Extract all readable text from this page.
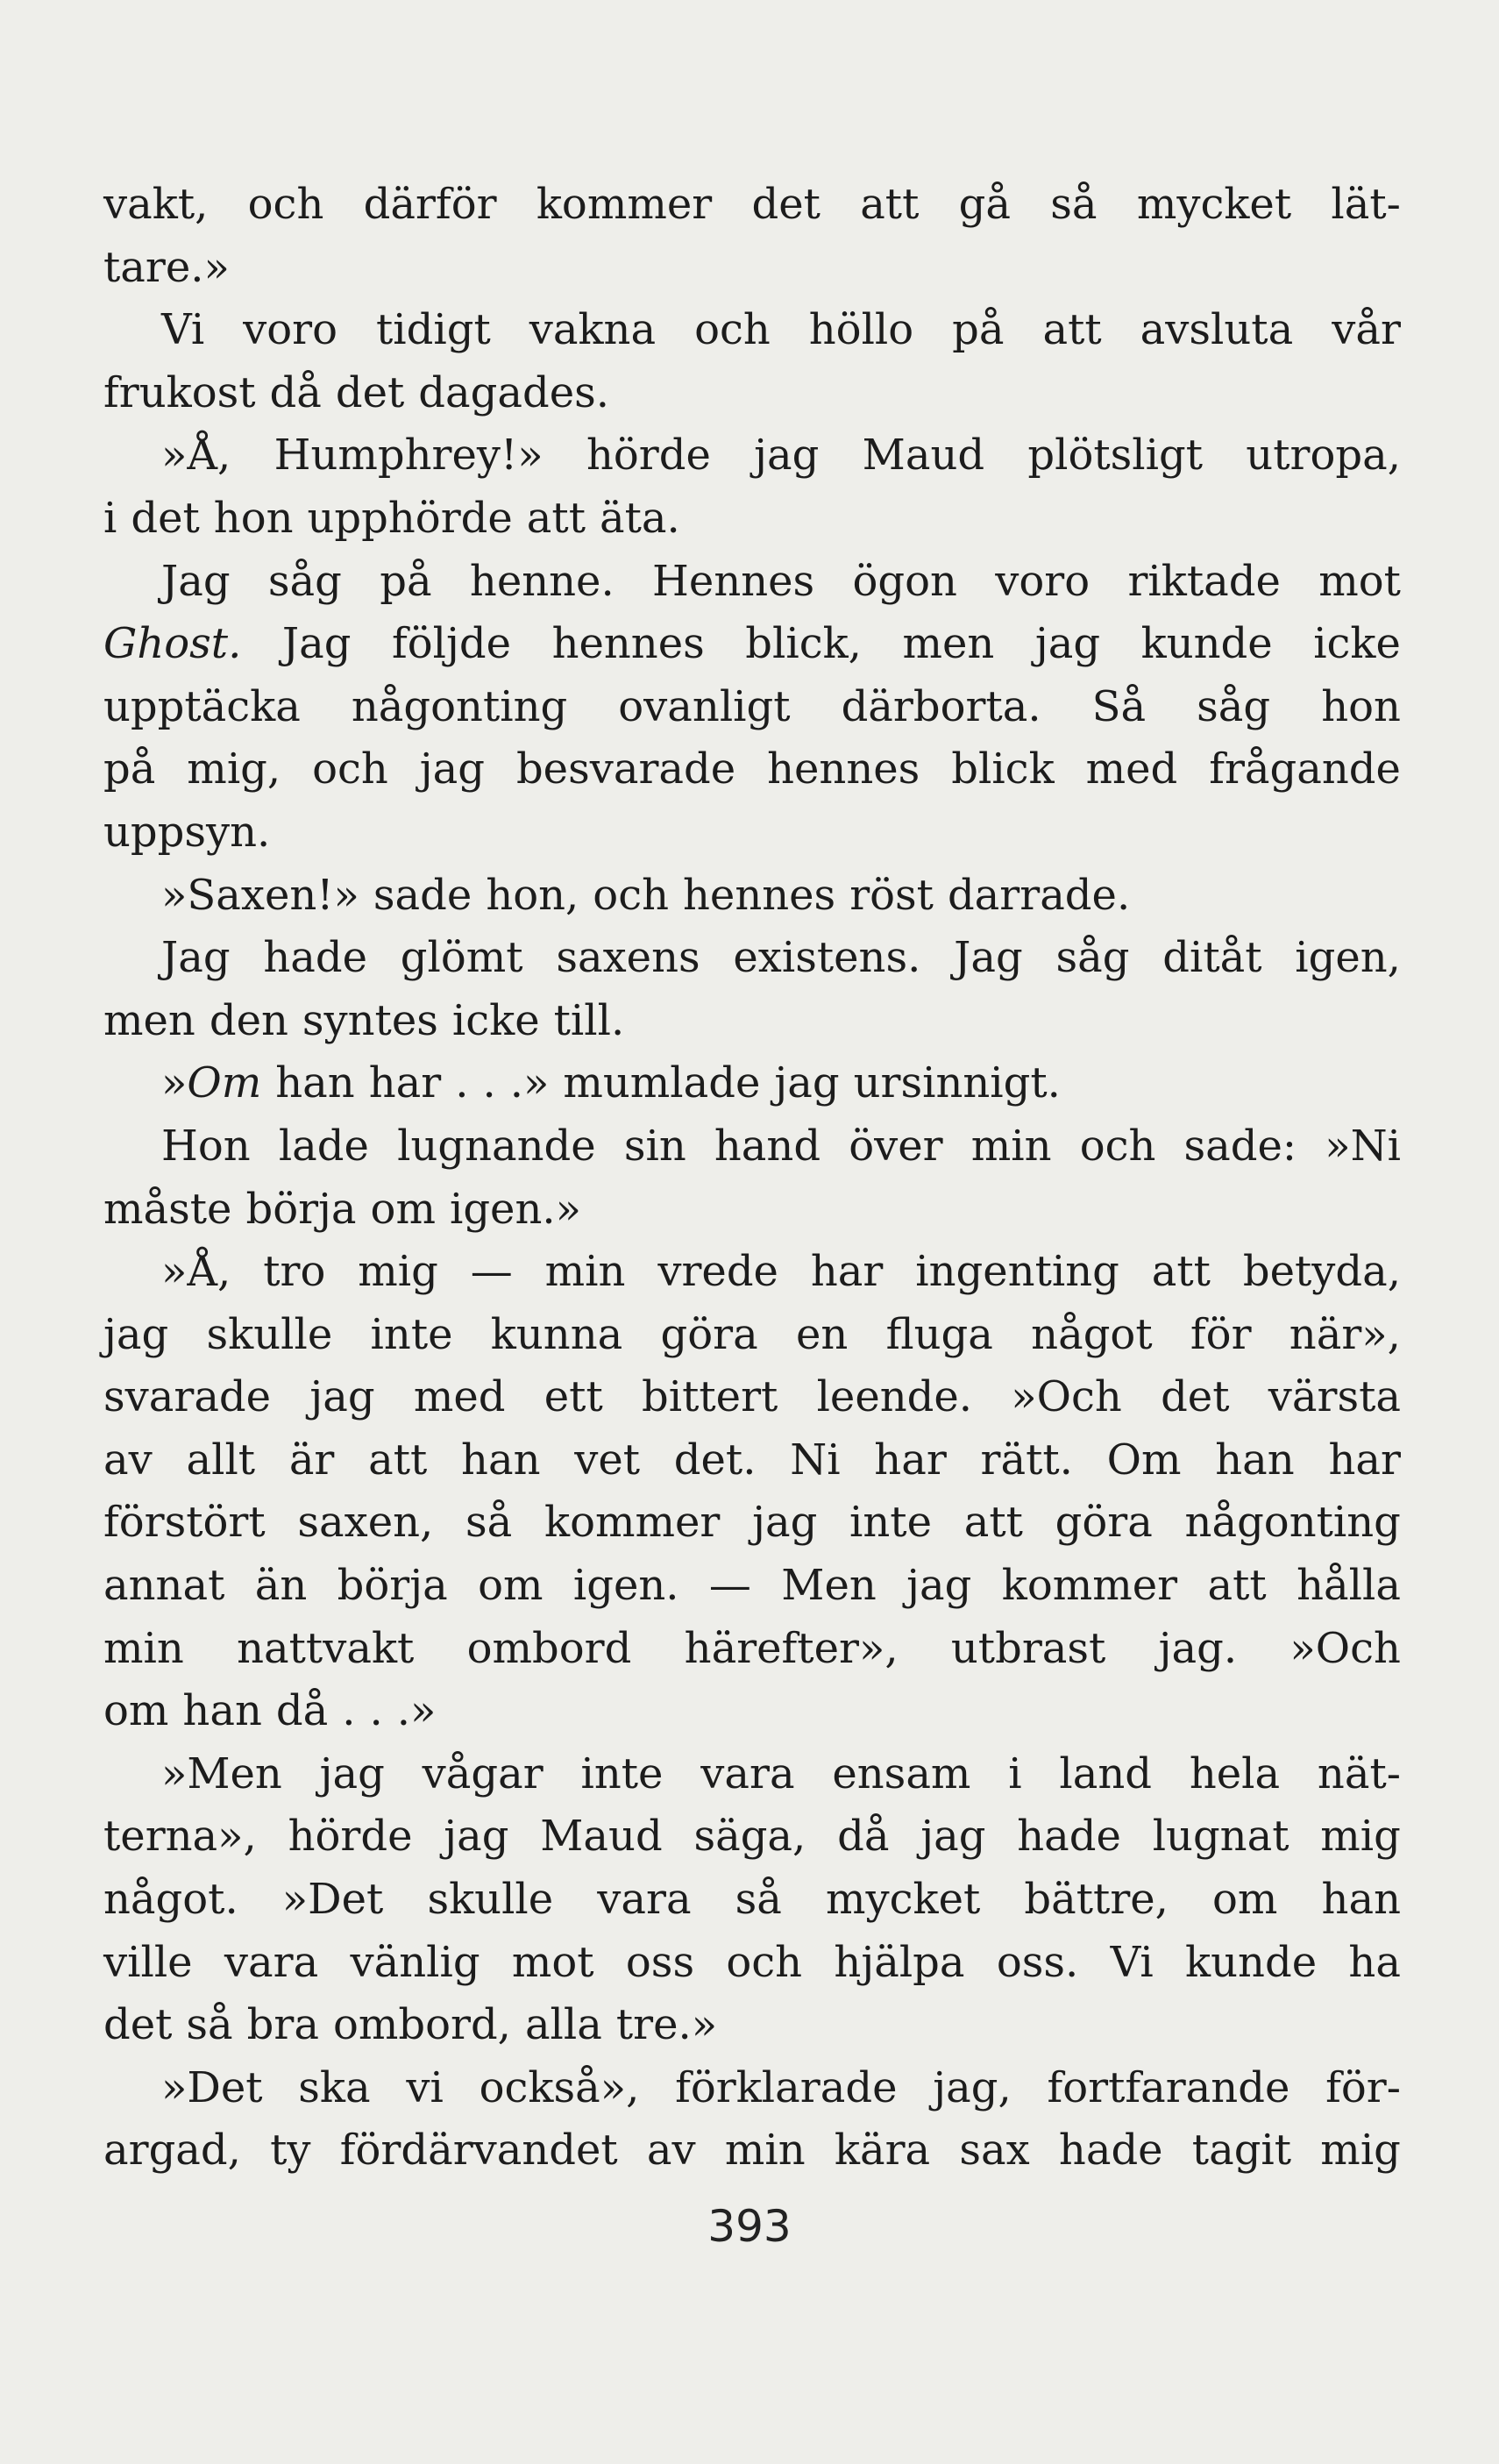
vakt, och därför kommer det att gå så mycket lät-
tare.»
Vi voro tidigt vakna och höllo på att avsluta vår
frukost då det dagades.
»Å, Humphrey!» hörde jag Maud plötsligt utropa,
i det hon upphörde att äta.
Jag såg på henne. Hennes ögon voro riktade mot
Ghost. Jag följde hennes blick, men jag kunde icke
upptäcka någonting ovanligt därborta. Så såg hon
på mig, och jag besvarade hennes blick med frågande
uppsyn.
»Saxen!» sade hon, och hennes röst darrade.
Jag hade glömt saxens existens. Jag såg ditåt igen,
men den syntes icke till.
»Om han har . . .» mumlade jag ursinnigt.
Hon lade lugnande sin hand över min och sade: »Ni
måste börja om igen.»
»Å, tro mig — min vrede har ingenting att betyda,
jag skulle inte kunna göra en fluga något för när»,
svarade jag med ett bittert leende. »Och det värsta
av allt är att han vet det. Ni har rätt. Om han har
förstört saxen, så kommer jag inte att göra någonting
annat än börja om igen. — Men jag kommer att hålla
min nattvakt ombord härefter», utbrast jag. »Och
om han då . . .»
»Men jag vågar inte vara ensam i land hela nät-
terna», hörde jag Maud säga, då jag hade lugnat mig
något. »Det skulle vara så mycket bättre, om han
ville vara vänlig mot oss och hjälpa oss. Vi kunde ha
det så bra ombord, alla tre.»
»Det ska vi också», förklarade jag, fortfarande för-
argad, ty fördärvandet av min kära sax hade tagit mig
393
